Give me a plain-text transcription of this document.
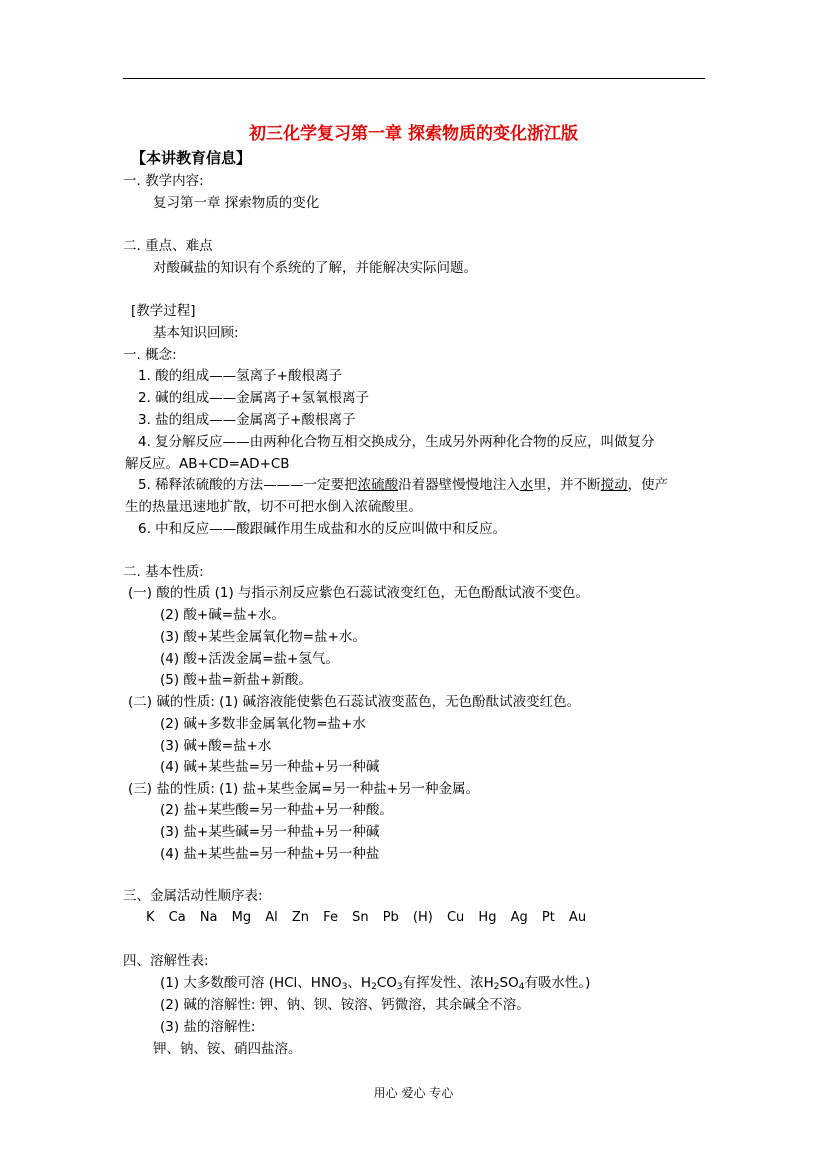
初三化学复习第一章 探索物质的变化浙江版
【本讲教育信息】
一. 教学内容:
复习第一章 探索物质的变化
二. 重点、难点
对酸碱盐的知识有个系统的了解，并能解决实际问题。
[教学过程]
基本知识回顾:
一. 概念:
1. 酸的组成——氢离子+酸根离子
2. 碱的组成——金属离子+氢氧根离子
3. 盐的组成——金属离子+酸根离子
4. 复分解反应——由两种化合物互相交换成分，生成另外两种化合物的反应，叫做复分
解反应。AB+CD=AD+CB
5. 稀释浓硫酸的方法———一定要把浓硫酸沿着器壁慢慢地注入水里，并不断搅动，使产
生的热量迅速地扩散，切不可把水倒入浓硫酸里。
6. 中和反应——酸跟碱作用生成盐和水的反应叫做中和反应。
二. 基本性质:
(一) 酸的性质 (1) 与指示剂反应紫色石蕊试液变红色，无色酚酞试液不变色。
(2) 酸+碱=盐+水。
(3) 酸+某些金属氧化物=盐+水。
(4) 酸+活泼金属=盐+氢气。
(5) 酸+盐=新盐+新酸。
(二) 碱的性质: (1) 碱溶液能使紫色石蕊试液变蓝色，无色酚酞试液变红色。
(2) 碱+多数非金属氧化物=盐+水
(3) 碱+酸=盐+水
(4) 碱+某些盐=另一种盐+另一种碱
(三) 盐的性质: (1) 盐+某些金属=另一种盐+另一种金属。
(2) 盐+某些酸=另一种盐+另一种酸。
(3) 盐+某些碱=另一种盐+另一种碱
(4) 盐+某些盐=另一种盐+另一种盐
三、金属活动性顺序表:
K Ca Na Mg Al Zn Fe Sn Pb (H) Cu Hg Ag Pt Au
四、溶解性表:
(1) 大多数酸可溶 (HCl、$HNO_3$、$H_2CO_3$有挥发性、浓$H_2SO_4$有吸水性。)
(2) 碱的溶解性: 钾、钠、钡、铵溶、钙微溶，其余碱全不溶。
(3) 盐的溶解性:
钾、钠、铵、硝四盐溶。
用心 爱心 专心
